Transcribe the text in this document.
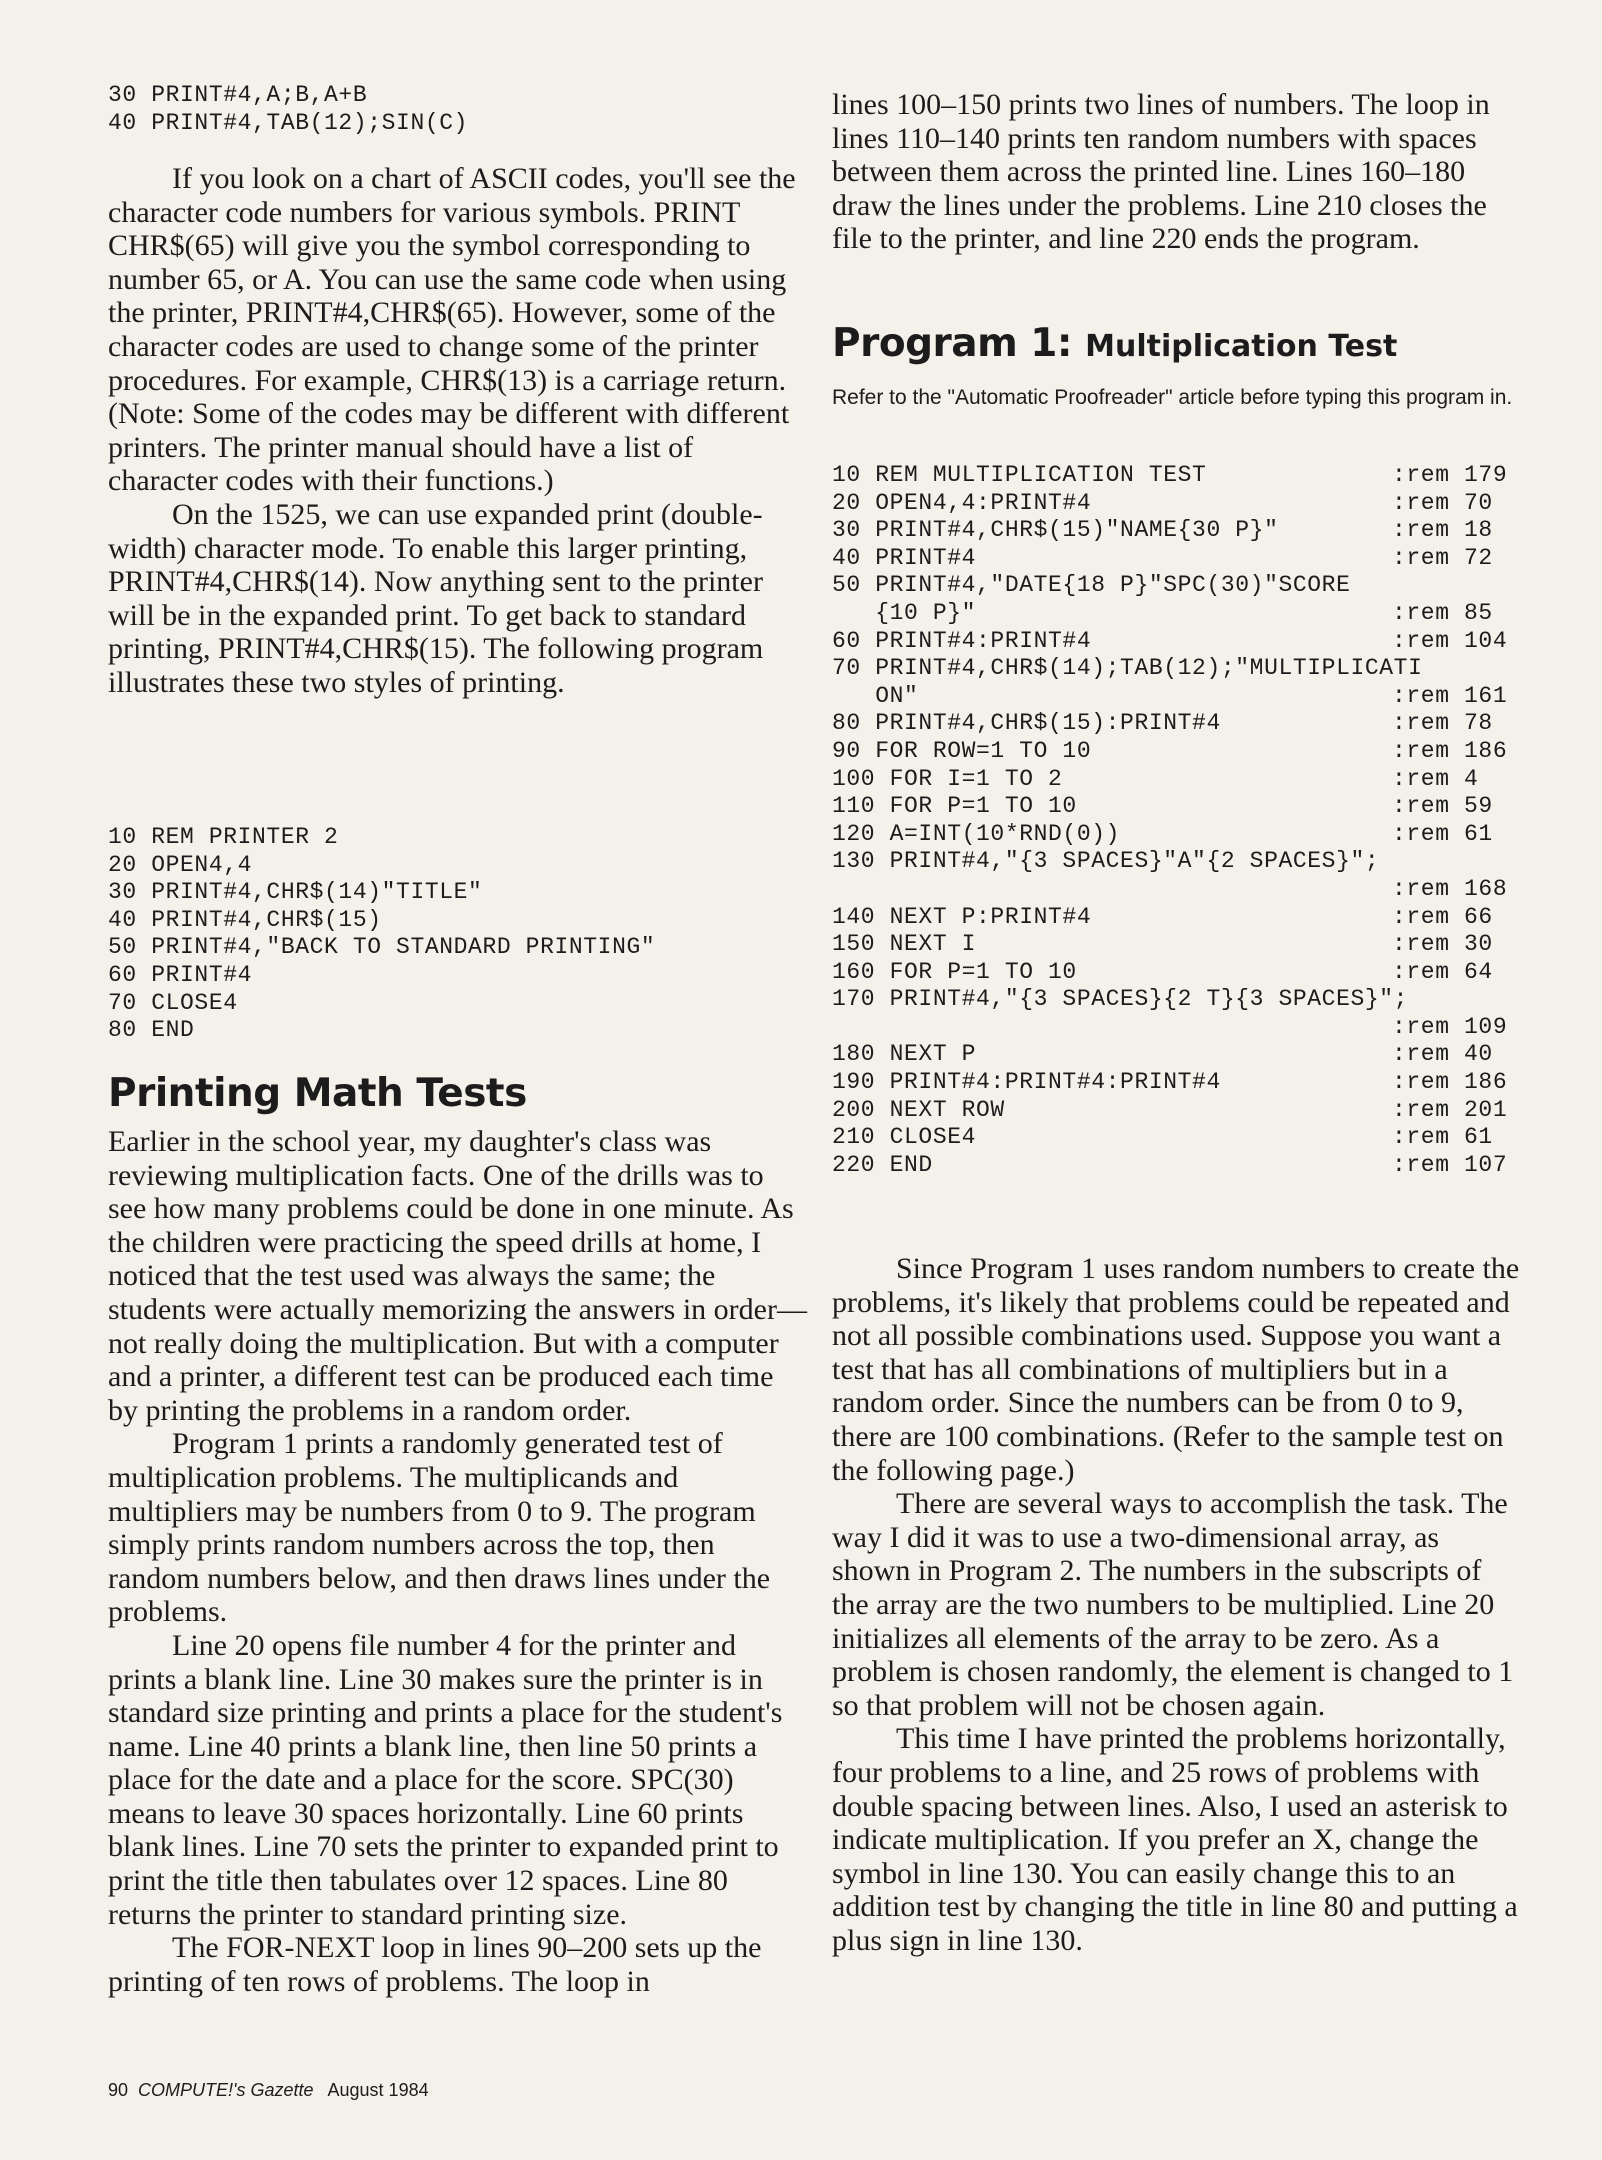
30 PRINT#4,A;B,A+B
40 PRINT#4,TAB(12);SIN(C)

If you look on a chart of ASCII codes, you'll see the character code numbers for various symbols. PRINT CHR$(65) will give you the symbol corresponding to number 65, or A. You can use the same code when using the printer, PRINT#4,CHR$(65). However, some of the character codes are used to change some of the printer procedures. For example, CHR$(13) is a carriage return. (Note: Some of the codes may be different with different printers. The printer manual should have a list of character codes with their functions.)

On the 1525, we can use expanded print (double-width) character mode. To enable this larger printing, PRINT#4,CHR$(14). Now anything sent to the printer will be in the expanded print. To get back to standard printing, PRINT#4,CHR$(15). The following program illustrates these two styles of printing.

10 REM PRINTER 2
20 OPEN4,4
30 PRINT#4,CHR$(14)"TITLE"
40 PRINT#4,CHR$(15)
50 PRINT#4,"BACK TO STANDARD PRINTING"
60 PRINT#4
70 CLOSE4
80 END
Printing Math Tests

Earlier in the school year, my daughter's class was reviewing multiplication facts. One of the drills was to see how many problems could be done in one minute. As the children were practicing the speed drills at home, I noticed that the test used was always the same; the students were actually memorizing the answers in order—not really doing the multiplication. But with a computer and a printer, a different test can be produced each time by printing the problems in a random order.

Program 1 prints a randomly generated test of multiplication problems. The multiplicands and multipliers may be numbers from 0 to 9. The program simply prints random numbers across the top, then random numbers below, and then draws lines under the problems.

Line 20 opens file number 4 for the printer and prints a blank line. Line 30 makes sure the printer is in standard size printing and prints a place for the student's name. Line 40 prints a blank line, then line 50 prints a place for the date and a place for the score. SPC(30) means to leave 30 spaces horizontally. Line 60 prints blank lines. Line 70 sets the printer to expanded print to print the title then tabulates over 12 spaces. Line 80 returns the printer to standard printing size.

The FOR-NEXT loop in lines 90–200 sets up the printing of ten rows of problems. The loop in

lines 100–150 prints two lines of numbers. The loop in lines 110–140 prints ten random numbers with spaces between them across the printed line. Lines 160–180 draw the lines under the problems. Line 210 closes the file to the printer, and line 220 ends the program.

Program 1: Multiplication Test

Refer to the "Automatic Proofreader" article before typing this program in.

10 REM MULTIPLICATION TEST	:rem 179
20 OPEN4,4:PRINT#4	:rem 70
30 PRINT#4,CHR$(15)"NAME{30 P}"	:rem 18
40 PRINT#4	:rem 72
50 PRINT#4,"DATE{18 P}"SPC(30)"SCORE
{10 P}"	:rem 85
60 PRINT#4:PRINT#4	:rem 104
70 PRINT#4,CHR$(14);TAB(12);"MULTIPLICATI
ON"	:rem 161
80 PRINT#4,CHR$(15):PRINT#4	:rem 78
90 FOR ROW=1 TO 10	:rem 186
100 FOR I=1 TO 2	:rem 4
110 FOR P=1 TO 10	:rem 59
120 A=INT(10*RND(0))	:rem 61
130 PRINT#4,"{3 SPACES}"A"{2 SPACES}";
:rem 168
140 NEXT P:PRINT#4	:rem 66
150 NEXT I	:rem 30
160 FOR P=1 TO 10	:rem 64
170 PRINT#4,"{3 SPACES}{2 T}{3 SPACES}";
:rem 109
180 NEXT P	:rem 40
190 PRINT#4:PRINT#4:PRINT#4	:rem 186
200 NEXT ROW	:rem 201
210 CLOSE4	:rem 61
220 END	:rem 107

Since Program 1 uses random numbers to create the problems, it's likely that problems could be repeated and not all possible combinations used. Suppose you want a test that has all combinations of multipliers but in a random order. Since the numbers can be from 0 to 9, there are 100 combinations. (Refer to the sample test on the following page.)

There are several ways to accomplish the task. The way I did it was to use a two-dimensional array, as shown in Program 2. The numbers in the subscripts of the array are the two numbers to be multiplied. Line 20 initializes all elements of the array to be zero. As a problem is chosen randomly, the element is changed to 1 so that problem will not be chosen again.

This time I have printed the problems horizontally, four problems to a line, and 25 rows of problems with double spacing between lines. Also, I used an asterisk to indicate multiplication. If you prefer an X, change the symbol in line 130. You can easily change this to an addition test by changing the title in line 80 and putting a plus sign in line 130.

90 COMPUTE!'s Gazette August 1984
